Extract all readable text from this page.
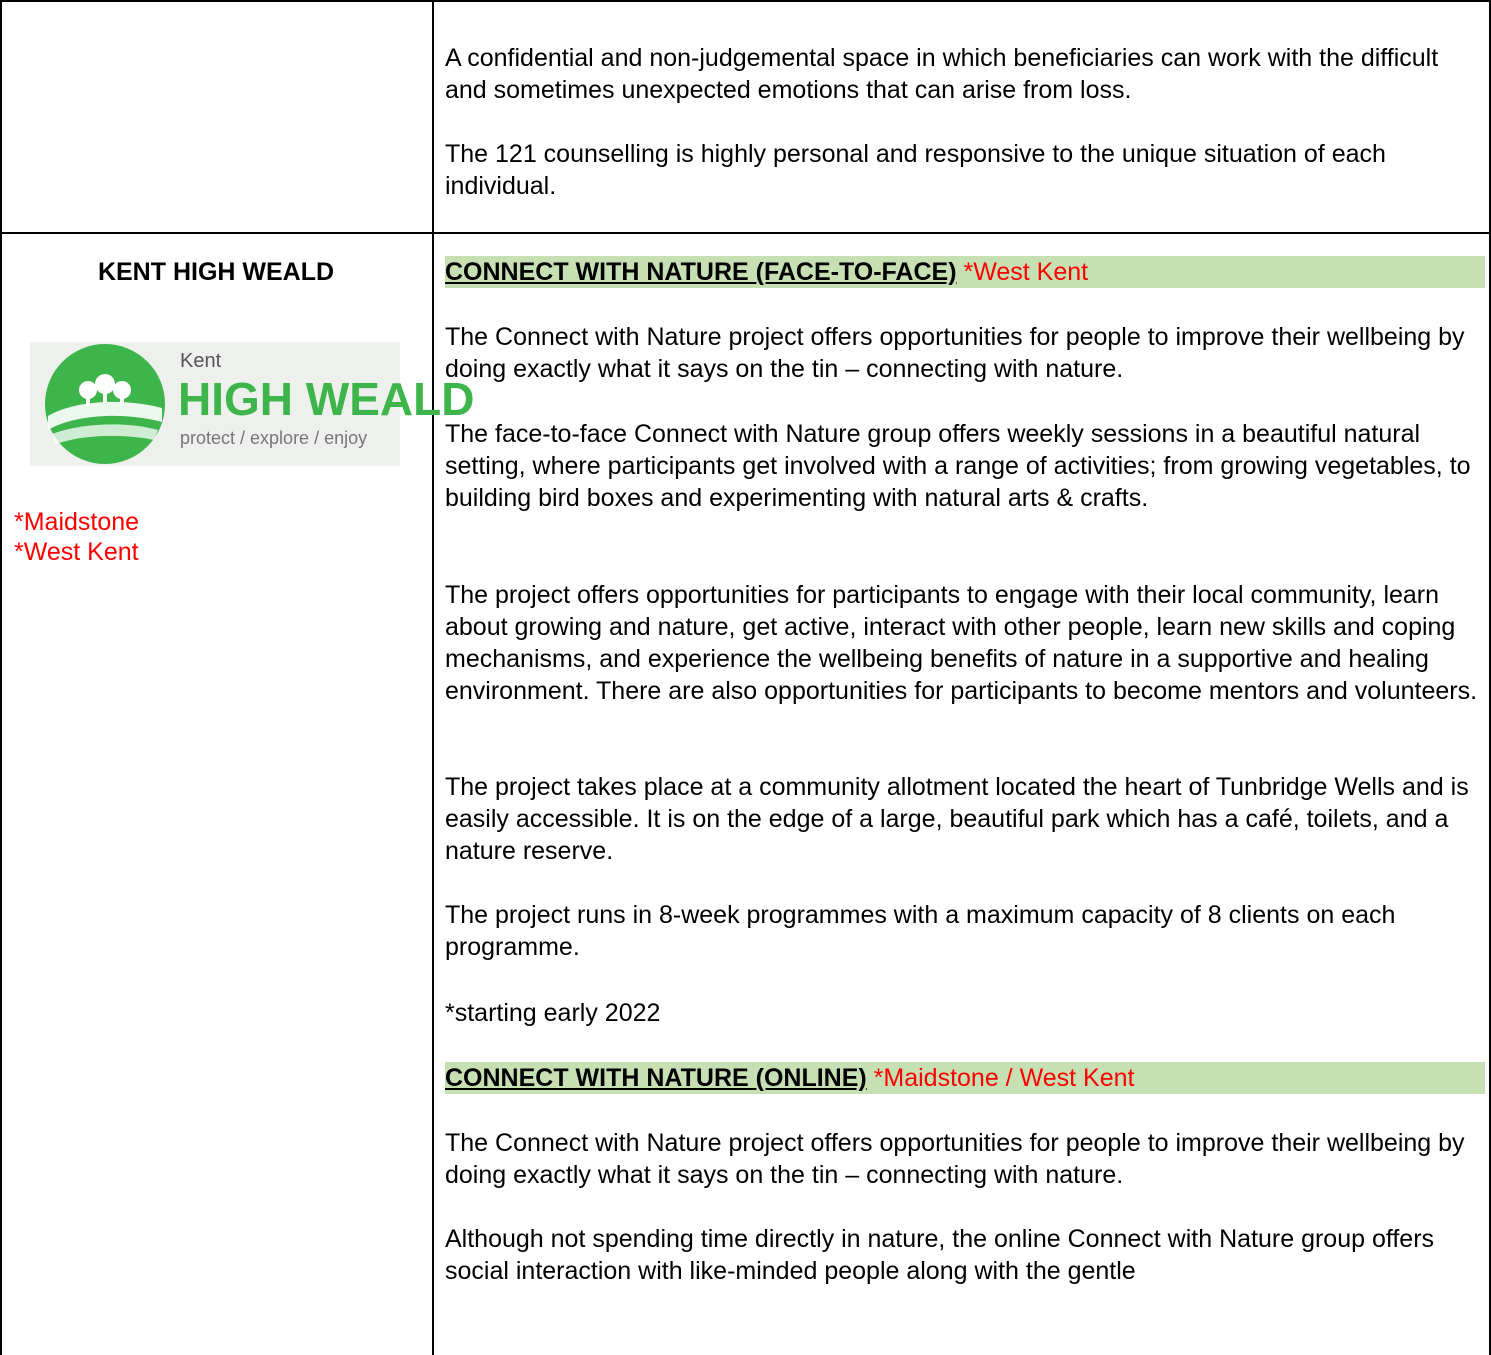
A confidential and non-judgemental space in which beneficiaries can work with the difficult and sometimes unexpected emotions that can arise from loss.

The 121 counselling is highly personal and responsive to the unique situation of each individual.

KENT HIGH WEALD
Kent
HIGH WEALD
protect / explore / enjoy
*Maidstone
*West Kent
CONNECT WITH NATURE (FACE-TO-FACE) *West Kent

The Connect with Nature project offers opportunities for people to improve their wellbeing by doing exactly what it says on the tin – connecting with nature.

The face-to-face Connect with Nature group offers weekly sessions in a beautiful natural setting, where participants get involved with a range of activities; from growing vegetables, to building bird boxes and experimenting with natural arts & crafts.

The project offers opportunities for participants to engage with their local community, learn about growing and nature, get active, interact with other people, learn new skills and coping mechanisms, and experience the wellbeing benefits of nature in a supportive and healing environment. There are also opportunities for participants to become mentors and volunteers.

The project takes place at a community allotment located the heart of Tunbridge Wells and is easily accessible. It is on the edge of a large, beautiful park which has a café, toilets, and a nature reserve.

The project runs in 8-week programmes with a maximum capacity of 8 clients on each programme.

*starting early 2022

CONNECT WITH NATURE (ONLINE) *Maidstone / West Kent

The Connect with Nature project offers opportunities for people to improve their wellbeing by doing exactly what it says on the tin – connecting with nature.

Although not spending time directly in nature, the online Connect with Nature group offers social interaction with like-minded people along with the gentle
